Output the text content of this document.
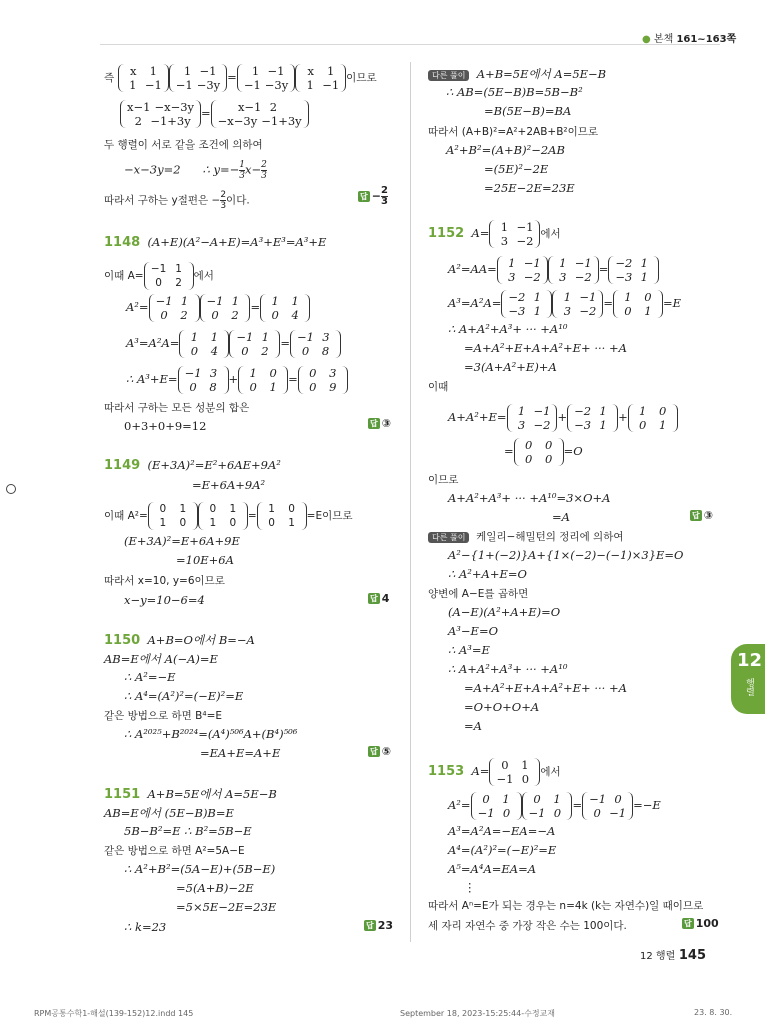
● 본책 161~163쪽
즉	x 1
1 −1
1 −1
−1 −3y
=	1 −1
−1 −3y
x 1
1 −1 이므로
x−1 −x−3y
2 −1+3y
=	x−1 2
−x−3y −1+3y
두 행렬이 서로 같을 조건에 의하여
−x−3y=2 ∴ $y=- \frac{1}{3} x- \frac{2}{3}$
따라서 구하는 y절편은 − $\frac{2}{3}$ 이다.	답 − $\frac{2}{3}$
1148 (A+E)(A²−A+E)=A³+E³=A³+E
이때 A=
−1 1
0 2
에서
A²= −1 1
0 2
−1 1
0 2
= 1 1
0 4
A³=A²A= 1 1
0 4
−1 1
0 2
= −1 3
0 8
∴ A³+E= −1 3
0 8
+ 1 0
0 1
= 0 3
0 9
따라서 구하는 모든 성분의 합은
0+3+0+9=12	답 ③
1149 (E+3A)²=E²+6AE+9A²
=E+6A+9A²
이때 A²=
0 1
1 0
0 1
1 0
=
1 0
0 1
=E이므로
(E+3A)²=E+6A+9E
=10E+6A
따라서 x=10, y=6이므로
x−y=10−6=4	답 4
1150 A+B=O에서 B=−A
AB=E에서 A(−A)=E
∴ A²=−E
∴ A⁴=(A²)²=(−E)²=E
같은 방법으로 하면 B⁴=E
∴ A²⁰²⁵+B²⁰²⁴=(A⁴)⁵⁰⁶A+(B⁴)⁵⁰⁶
=EA+E=A+E	답 ⑤
1151 A+B=5E에서 A=5E−B
AB=E에서 (5E−B)B=E
5B−B²=E ∴ B²=5B−E
같은 방법으로 하면 A²=5A−E
∴ A²+B²=(5A−E)+(5B−E)
=5(A+B)−2E
=5×5E−2E=23E
∴ k=23	답 23
다른 풀이 A+B=5E에서 A=5E−B
∴ AB=(5E−B)B=5B−B²
=B(5E−B)=BA
따라서 (A+B)²=A²+2AB+B²이므로
A²+B²=(A+B)²−2AB
=(5E)²−2E
=25E−2E=23E
1152 A= 1 −1
3 −2 에서
A²=AA= 1 −1
3 −2
1 −1
3 −2
= −2 1
−3 1
A³=A²A= −2 1
−3 1
1 −1
3 −2
= 1 0
0 1
=E
∴ A+A²+A³+ ··· +A¹⁰
=A+A²+E+A+A²+E+ ··· +A
=3(A+A²+E)+A
이때
A+A²+E= 1 −1
3 −2
+ −2 1
−3 1
+ 1 0
0 1
= 0 0
0 0
=O
이므로
A+A²+A³+ ··· +A¹⁰=3×O+A
=A	답 ③
다른 풀이 케일리−해밀턴의 정리에 의하여
A²−{1+(−2)}A+{1×(−2)−(−1)×3}E=O
∴ A²+A+E=O
양변에 A−E를 곱하면
(A−E)(A²+A+E)=O
A³−E=O
∴ A³=E
∴ A+A²+A³+ ··· +A¹⁰
=A+A²+E+A+A²+E+ ··· +A
=O+O+O+A
=A
1153 A=	0 1
−1 0	에서
A²=	0 1
−1 0
0 1
−1 0
= −1 0
0 −1
=−E
A³=A²A=−EA=−A
A⁴=(A²)²=(−E)²=E
A⁵=A⁴A=EA=A
⋮
따라서 Aⁿ=E가 되는 경우는 n=4k (k는 자연수)일 때이므로
세 자리 자연수 중 가장 작은 수는 100이다.	답 100
12
행렬
12 행렬 145
RPM공통수학1-해설(139-152)12.indd 145	September 18, 2023-15:25:44-수정교재	23. 8. 30.
